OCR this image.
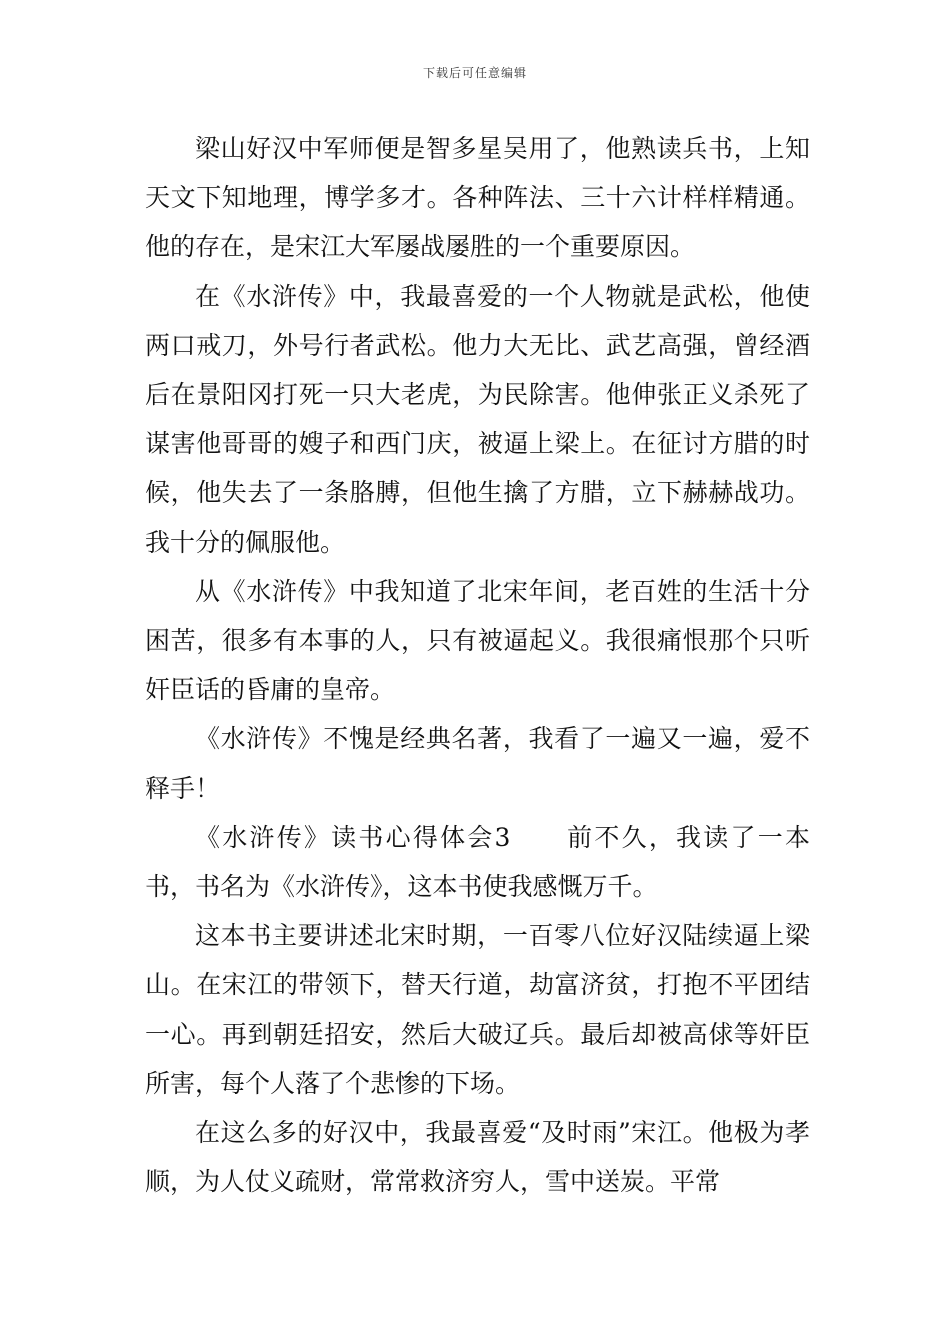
下载后可任意编辑

梁山好汉中军师便是智多星吴用了，他熟读兵书，上知天文下知地理，博学多才。各种阵法、三十六计样样精通。他的存在，是宋江大军屡战屡胜的一个重要原因。

在《水浒传》中，我最喜爱的一个人物就是武松，他使两口戒刀，外号行者武松。他力大无比、武艺高强，曾经酒后在景阳冈打死一只大老虎，为民除害。他伸张正义杀死了谋害他哥哥的嫂子和西门庆，被逼上梁上。在征讨方腊的时候，他失去了一条胳膊，但他生擒了方腊，立下赫赫战功。我十分的佩服他。

从《水浒传》中我知道了北宋年间，老百姓的生活十分困苦，很多有本事的人，只有被逼起义。我很痛恨那个只听奸臣话的昏庸的皇帝。

《水浒传》不愧是经典名著，我看了一遍又一遍，爱不释手！

《水浒传》读书心得体会3　　前不久，我读了一本书，书名为《水浒传》，这本书使我感慨万千。

这本书主要讲述北宋时期，一百零八位好汉陆续逼上梁山。在宋江的带领下，替天行道，劫富济贫，打抱不平团结一心。再到朝廷招安，然后大破辽兵。最后却被高俅等奸臣所害，每个人落了个悲惨的下场。

在这么多的好汉中，我最喜爱“及时雨”宋江。他极为孝顺，为人仗义疏财，常常救济穷人，雪中送炭。平常
